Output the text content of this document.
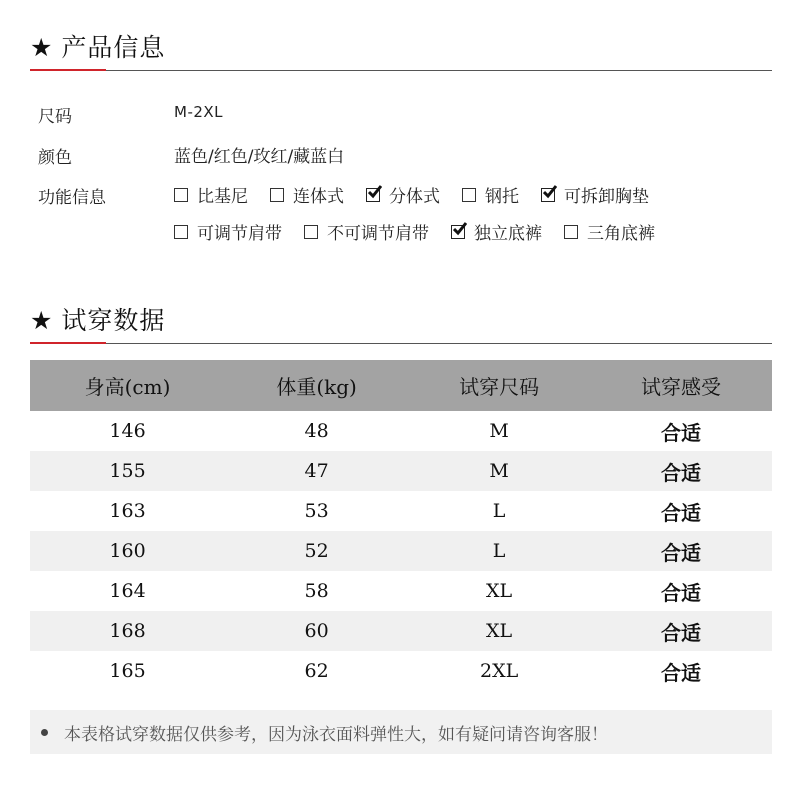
★ 产品信息
尺码	M-2XL
颜色	蓝色/红色/玫红/藏蓝白
功能信息	比基尼	连体式	分体式	钢托	可拆卸胸垫
可调节肩带	不可调节肩带	独立底裤	三角底裤
★ 试穿数据
身高(cm)	体重(kg)	试穿尺码	试穿感受
146	48	M	合适
155	47	M	合适
163	53	L	合适
160	52	L	合适
164	58	XL	合适
168	60	XL	合适
165	62	2XL	合适
本表格试穿数据仅供参考，因为泳衣面料弹性大，如有疑问请咨询客服！
